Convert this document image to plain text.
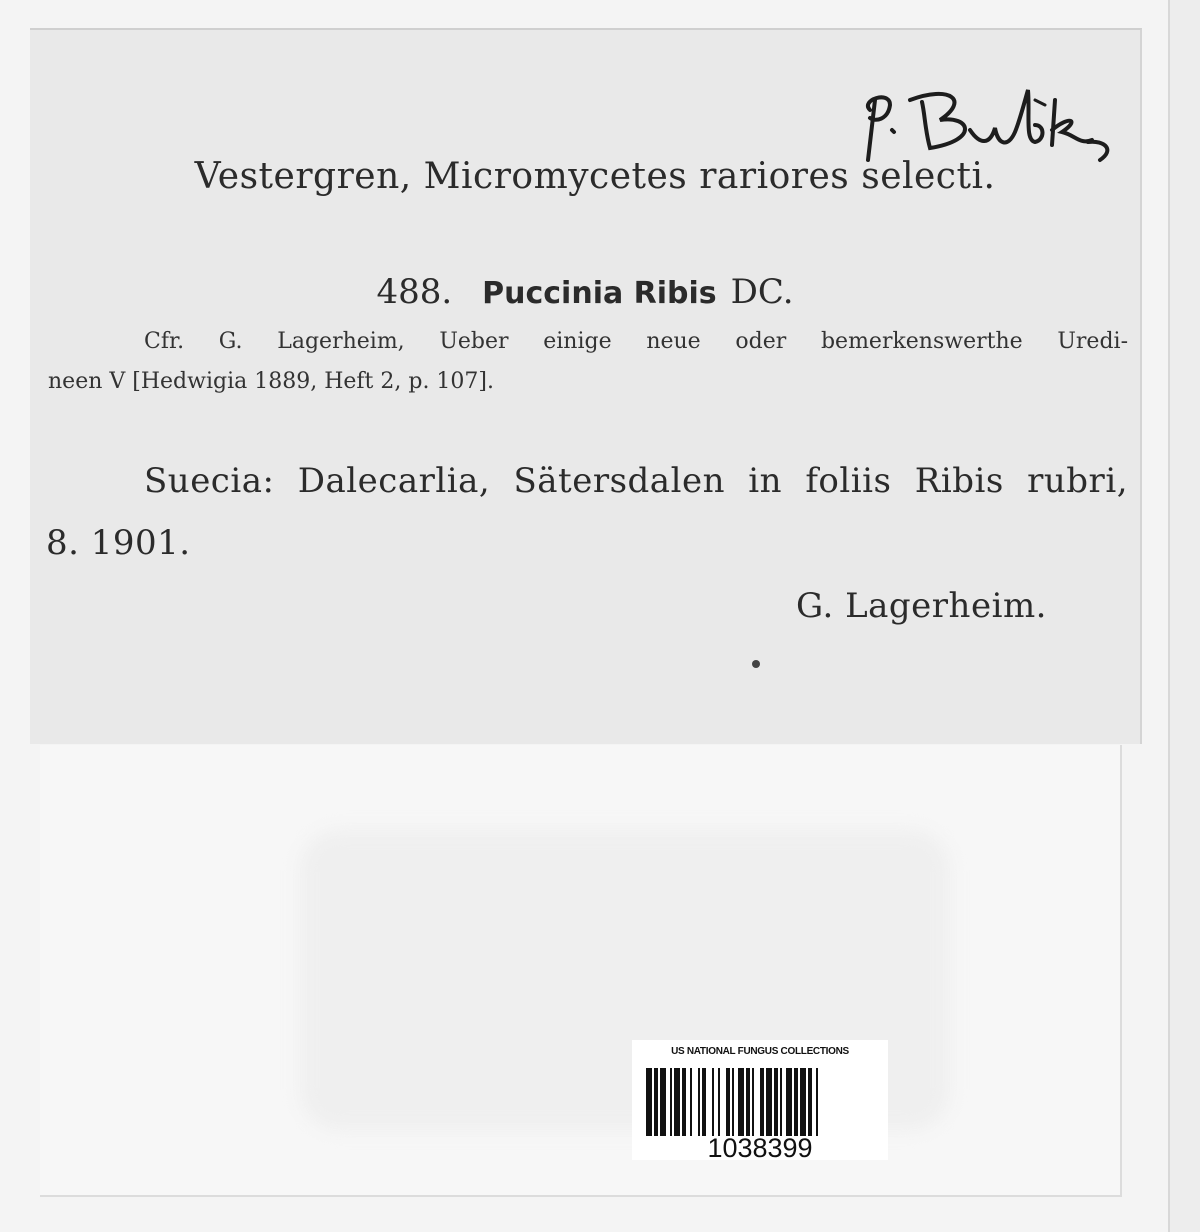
Vestergren, Micromycetes rariores selecti.
488. Puccinia Ribis DC.
Cfr. G. Lagerheim, Ueber einige neue oder bemerkenswerthe Uredi-
neen V [Hedwigia 1889, Heft 2, p. 107].
Suecia: Dalecarlia, Sätersdalen in foliis Ribis rubri,
8. 1901.
G. Lagerheim.
US NATIONAL FUNGUS COLLECTIONS
1038399
